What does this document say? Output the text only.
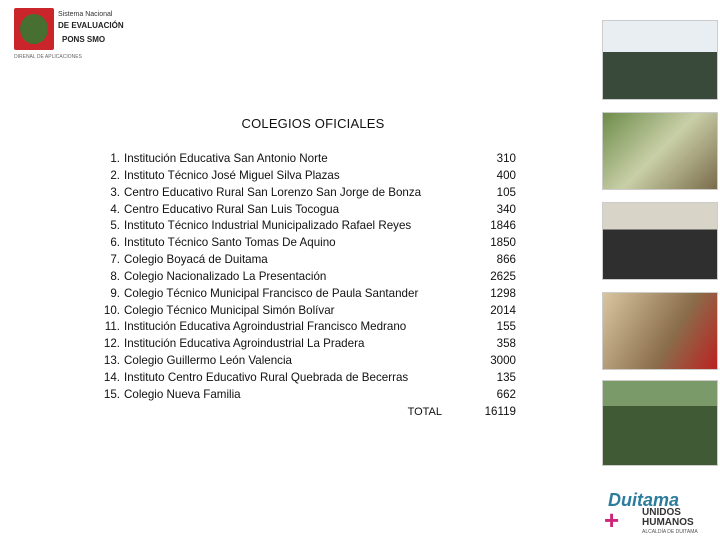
Sistema Nacional
DE EVALUACIÓN
PONS SMO
DIRENAL DE APLICACIONES
COLEGIOS OFICIALES
1. Institución Educativa San Antonio Norte	310
2. Instituto Técnico José Miguel Silva Plazas	400
3. Centro Educativo Rural San Lorenzo San Jorge de Bonza	105
4. Centro Educativo Rural San Luis Tocogua	340
5. Instituto Técnico Industrial Municipalizado Rafael Reyes	1846
6. Instituto Técnico Santo Tomas De Aquino	1850
7. Colegio Boyacá de Duitama	866
8. Colegio Nacionalizado La Presentación	2625
9. Colegio Técnico Municipal Francisco de Paula Santander	1298
10. Colegio Técnico Municipal Simón Bolívar	2014
11. Institución Educativa Agroindustrial Francisco Medrano	155
12. Institución Educativa Agroindustrial La Pradera	358
13. Colegio Guillermo León Valencia	3000
14. Instituto Centro Educativo Rural Quebrada de Becerras	135
15. Colegio Nueva Familia	662
TOTAL	16119
Duitama
+ UNIDOS
HUMANOS
ALCALDÍA DE DUITAMA
